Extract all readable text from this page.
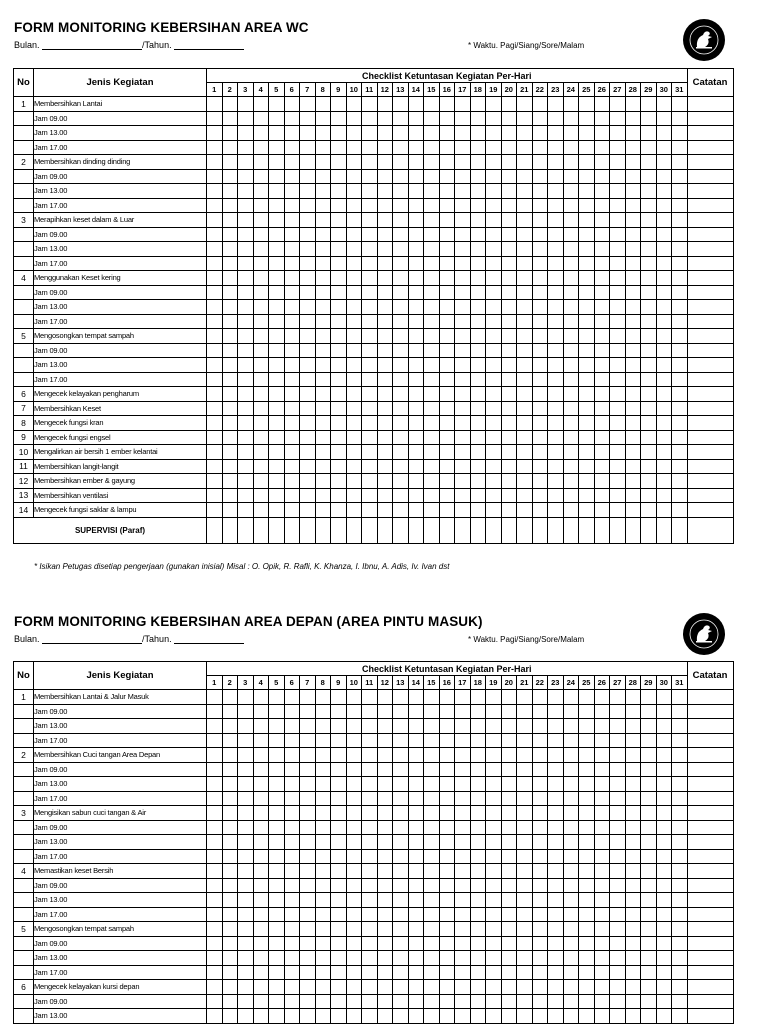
FORM MONITORING KEBERSIHAN AREA WC
Bulan.	/Tahun.	* Waktu. Pagi/Siang/Sore/Malam
No	Jenis Kegiatan	Checklist Ketuntasan Kegiatan Per-Hari																															Catatan
		1	2	3	4	5	6	7	8	9	10	11	12	13	14	15	16	17	18	19	20	21	22	23	24	25	26	27	28	29	30	31	
1	Membersihkan Lantai																																
	Jam 09.00																																
	Jam 13.00																																
	Jam 17.00																																
2	Membersihkan dinding dinding																																
	Jam 09.00																																
	Jam 13.00																																
	Jam 17.00																																
3	Merapihkan keset dalam & Luar																																
	Jam 09.00																																
	Jam 13.00																																
	Jam 17.00																																
4	Menggunakan Keset kering																																
	Jam 09.00																																
	Jam 13.00																																
	Jam 17.00																																
5	Mengosongkan tempat sampah																																
	Jam 09.00																																
	Jam 13.00																																
	Jam 17.00																																
6	Mengecek kelayakan pengharum																																
7	Membersihkan Keset																																
8	Mengecek fungsi kran																																
9	Mengecek fungsi engsel																																
10	Mengalirkan air bersih 1 ember kelantai																																
11	Membersihkan langit-langit																																
12	Membersihkan ember & gayung																																
13	Membersihkan ventilasi																																
14	Mengecek fungsi saklar & lampu																																
SUPERVISI (Paraf)																																	
* Isikan Petugas disetiap pengerjaan (gunakan inisial) Misal : O. Opik, R. Rafli, K. Khanza, I. Ibnu, A. Adis, Iv. Ivan dst
FORM MONITORING KEBERSIHAN AREA DEPAN (AREA PINTU MASUK)
Bulan.	/Tahun.	* Waktu. Pagi/Siang/Sore/Malam
No	Jenis Kegiatan	Checklist Ketuntasan Kegiatan Per-Hari																															Catatan
		1	2	3	4	5	6	7	8	9	10	11	12	13	14	15	16	17	18	19	20	21	22	23	24	25	26	27	28	29	30	31	
1	Membersihkan Lantai & Jalur Masuk																																
	Jam 09.00																																
	Jam 13.00																																
	Jam 17.00																																
2	Membersihkan Cuci tangan Area Depan																																
	Jam 09.00																																
	Jam 13.00																																
	Jam 17.00																																
3	Mengisikan sabun cuci tangan & Air																																
	Jam 09.00																																
	Jam 13.00																																
	Jam 17.00																																
4	Memastikan keset Bersih																																
	Jam 09.00																																
	Jam 13.00																																
	Jam 17.00																																
5	Mengosongkan tempat sampah																																
	Jam 09.00																																
	Jam 13.00																																
	Jam 17.00																																
6	Mengecek kelayakan kursi depan																																
	Jam 09.00																																
	Jam 13.00																																
